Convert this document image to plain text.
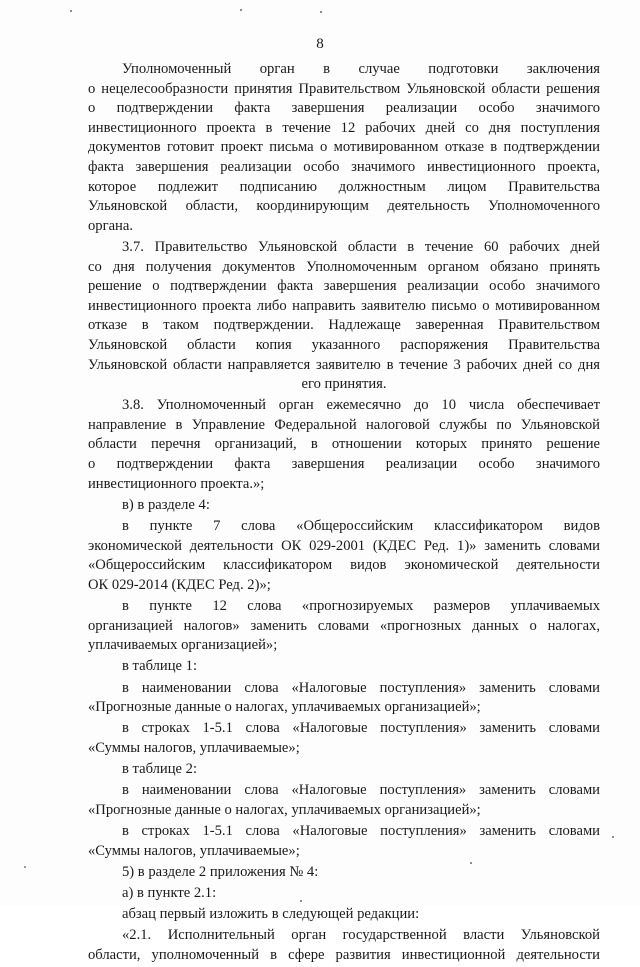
8
Уполномоченный орган в случае подготовки заключения
о нецелесообразности принятия Правительством Ульяновской области решения
о подтверждении факта завершения реализации особо значимого
инвестиционного проекта в течение 12 рабочих дней со дня поступления
документов готовит проект письма о мотивированном отказе в подтверждении
факта завершения реализации особо значимого инвестиционного проекта,
которое подлежит подписанию должностным лицом Правительства
Ульяновской области, координирующим деятельность Уполномоченного
органа.
3.7. Правительство Ульяновской области в течение 60 рабочих дней
со дня получения документов Уполномоченным органом обязано принять
решение о подтверждении факта завершения реализации особо значимого
инвестиционного проекта либо направить заявителю письмо о мотивированном
отказе в таком подтверждении. Надлежаще заверенная Правительством
Ульяновской области копия указанного распоряжения Правительства
Ульяновской области направляется заявителю в течение 3 рабочих дней со дня
его принятия.
3.8. Уполномоченный орган ежемесячно до 10 числа обеспечивает
направление в Управление Федеральной налоговой службы по Ульяновской
области перечня организаций, в отношении которых принято решение
о подтверждении факта завершения реализации особо значимого
инвестиционного проекта.»;
в) в разделе 4:
в пункте 7 слова «Общероссийским классификатором видов
экономической деятельности ОК 029-2001 (КДЕС Ред. 1)» заменить словами
«Общероссийским классификатором видов экономической деятельности
ОК 029-2014 (КДЕС Ред. 2)»;
в пункте 12 слова «прогнозируемых размеров уплачиваемых
организацией налогов» заменить словами «прогнозных данных о налогах,
уплачиваемых организацией»;
в таблице 1:
в наименовании слова «Налоговые поступления» заменить словами
«Прогнозные данные о налогах, уплачиваемых организацией»;
в строках 1-5.1 слова «Налоговые поступления» заменить словами
«Суммы налогов, уплачиваемые»;
в таблице 2:
в наименовании слова «Налоговые поступления» заменить словами
«Прогнозные данные о налогах, уплачиваемых организацией»;
в строках 1-5.1 слова «Налоговые поступления» заменить словами
«Суммы налогов, уплачиваемые»;
5) в разделе 2 приложения № 4:
а) в пункте 2.1:
абзац первый изложить в следующей редакции:
«2.1. Исполнительный орган государственной власти Ульяновской
области, уполномоченный в сфере развития инвестиционной деятельности
